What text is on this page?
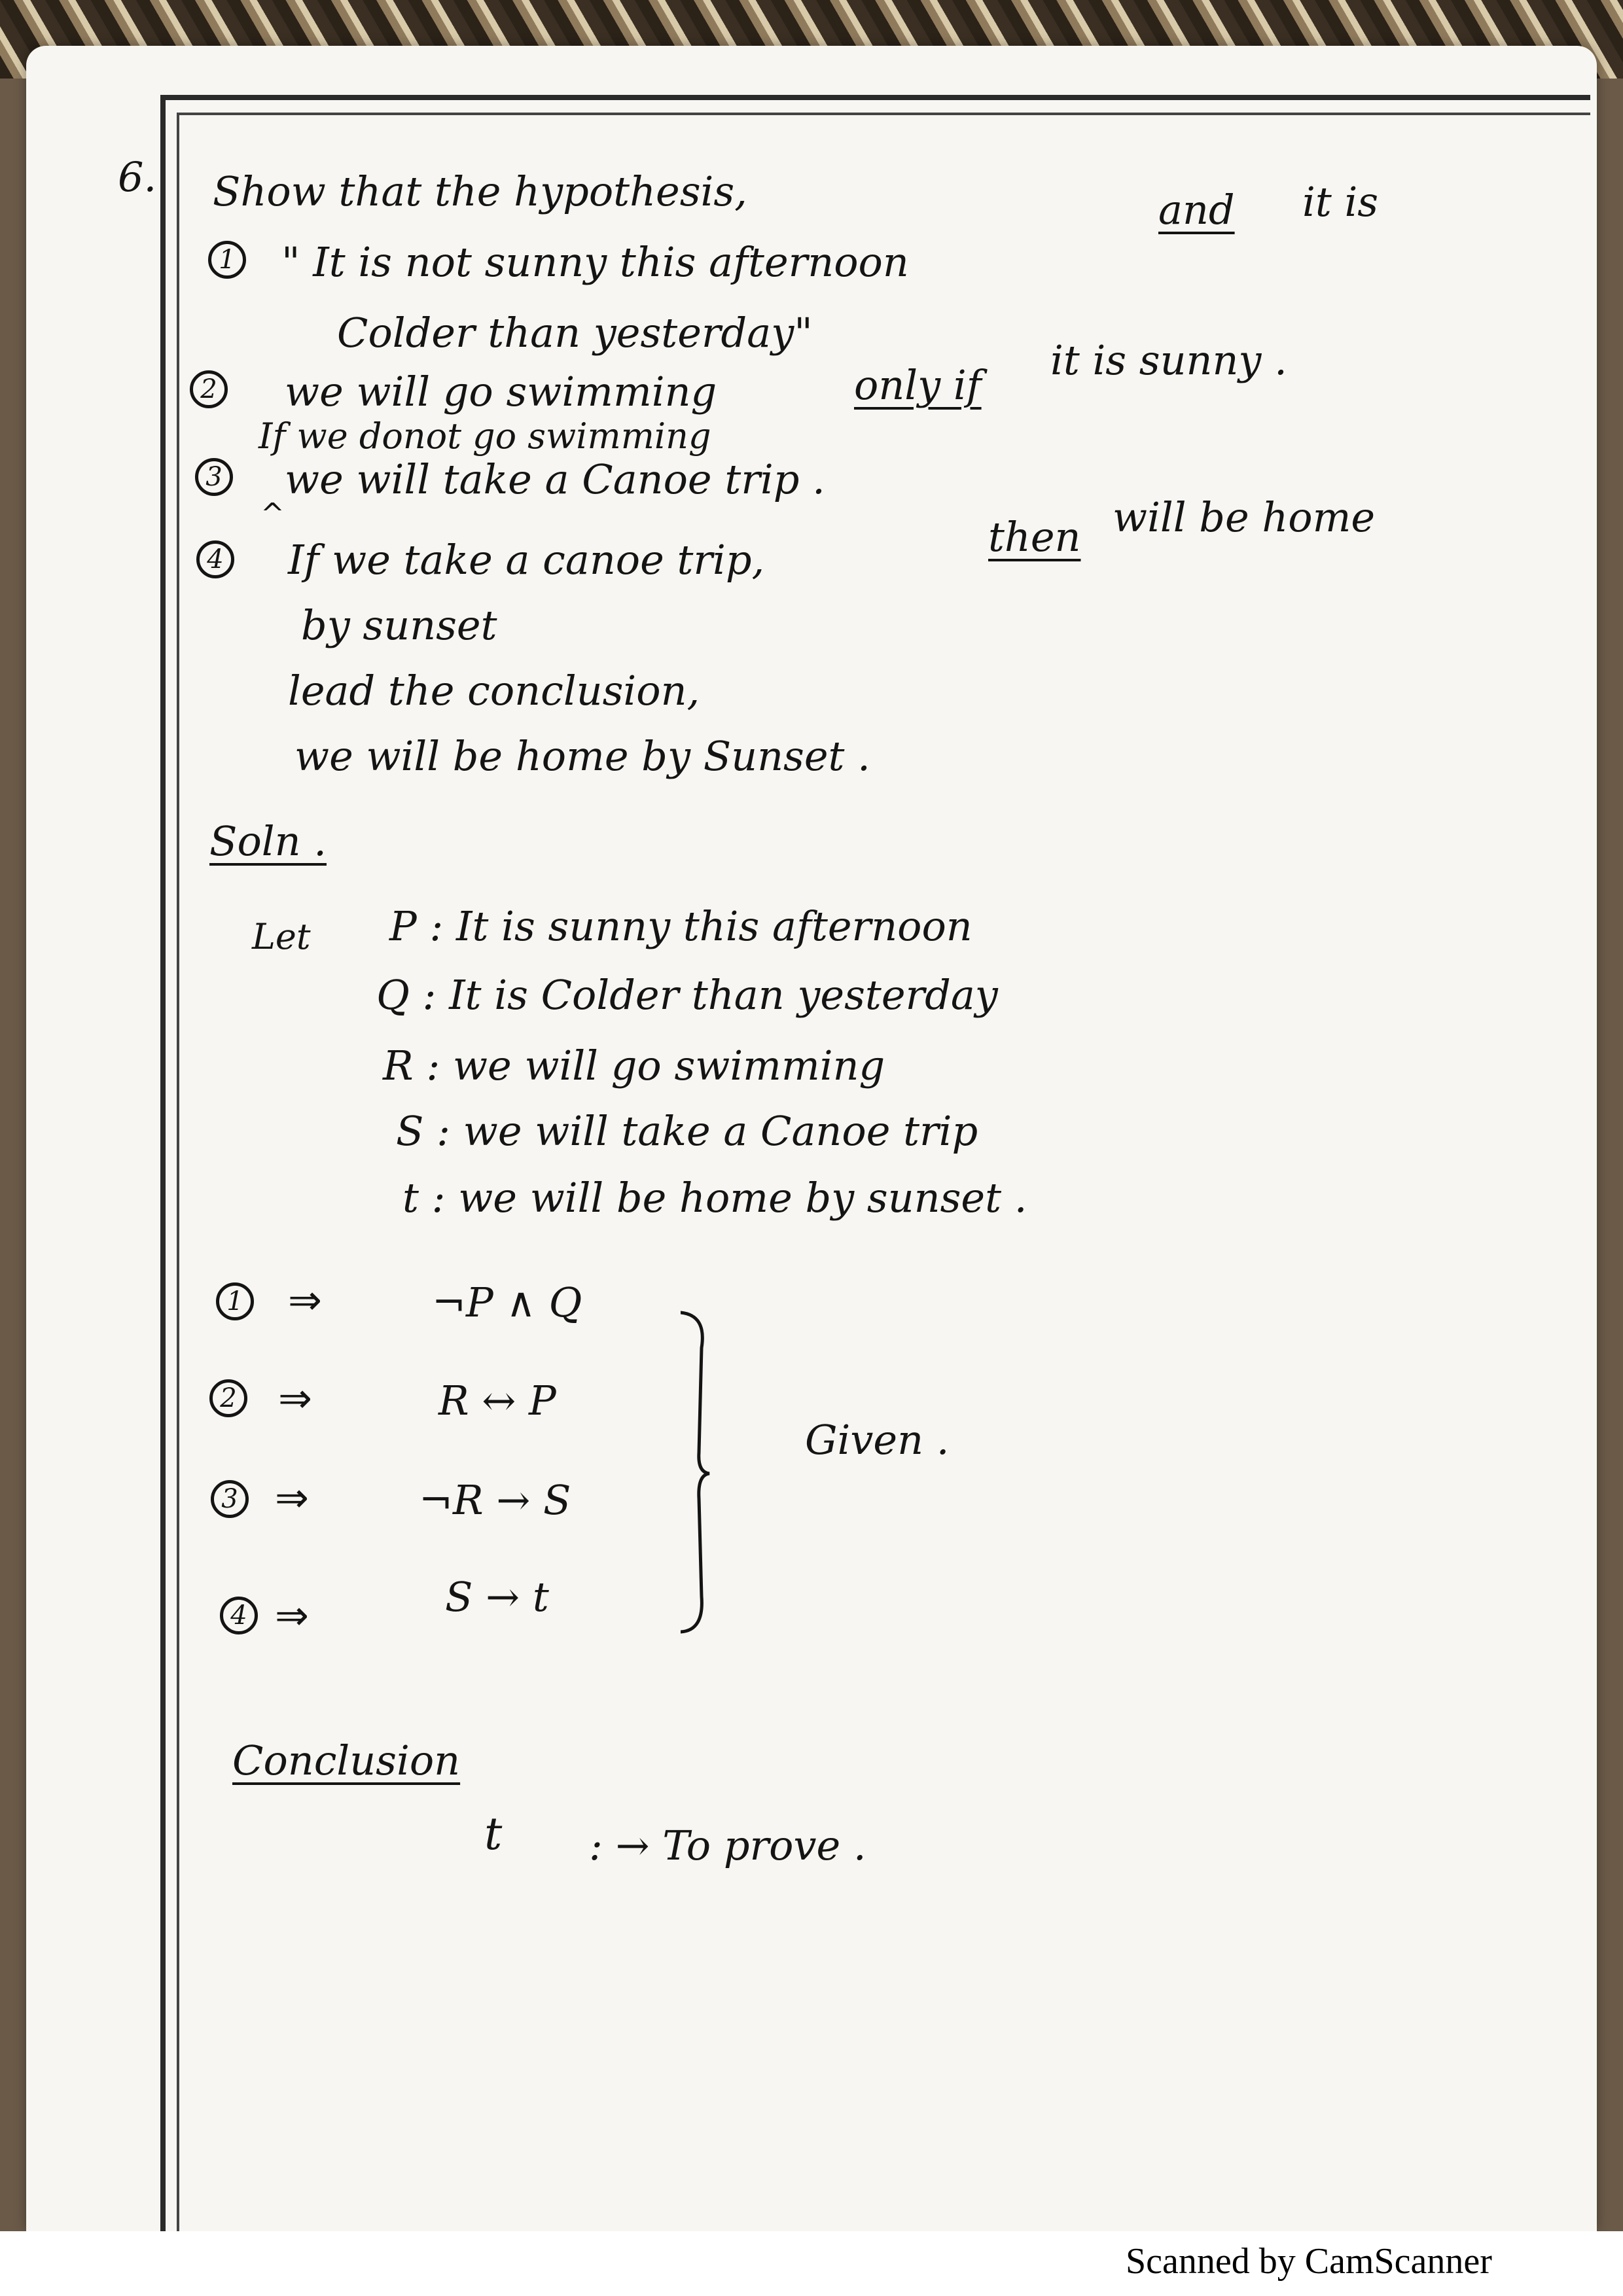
6. Show that the hypothesis,
1 " It is not sunny this afternoon
and it is
Colder than yesterday"
2 we will go swimming	only if
it is sunny .
If we donot go swimming
3 we will take a Canoe trip .
^
4 If we take a canoe trip,	then will be home
by sunset
lead the conclusion,
we will be home by Sunset .
Soln .
Let P : It is sunny this afternoon
Q : It is Colder than yesterday
R : we will go swimming
S : we will take a Canoe trip
t : we will be home by sunset .
1 ⇒	¬P ∧ Q
2 ⇒	R ↔ P
3 ⇒	¬R → S
4 ⇒	S → t
Given .
Conclusion
t : → To prove .
Scanned by CamScanner
